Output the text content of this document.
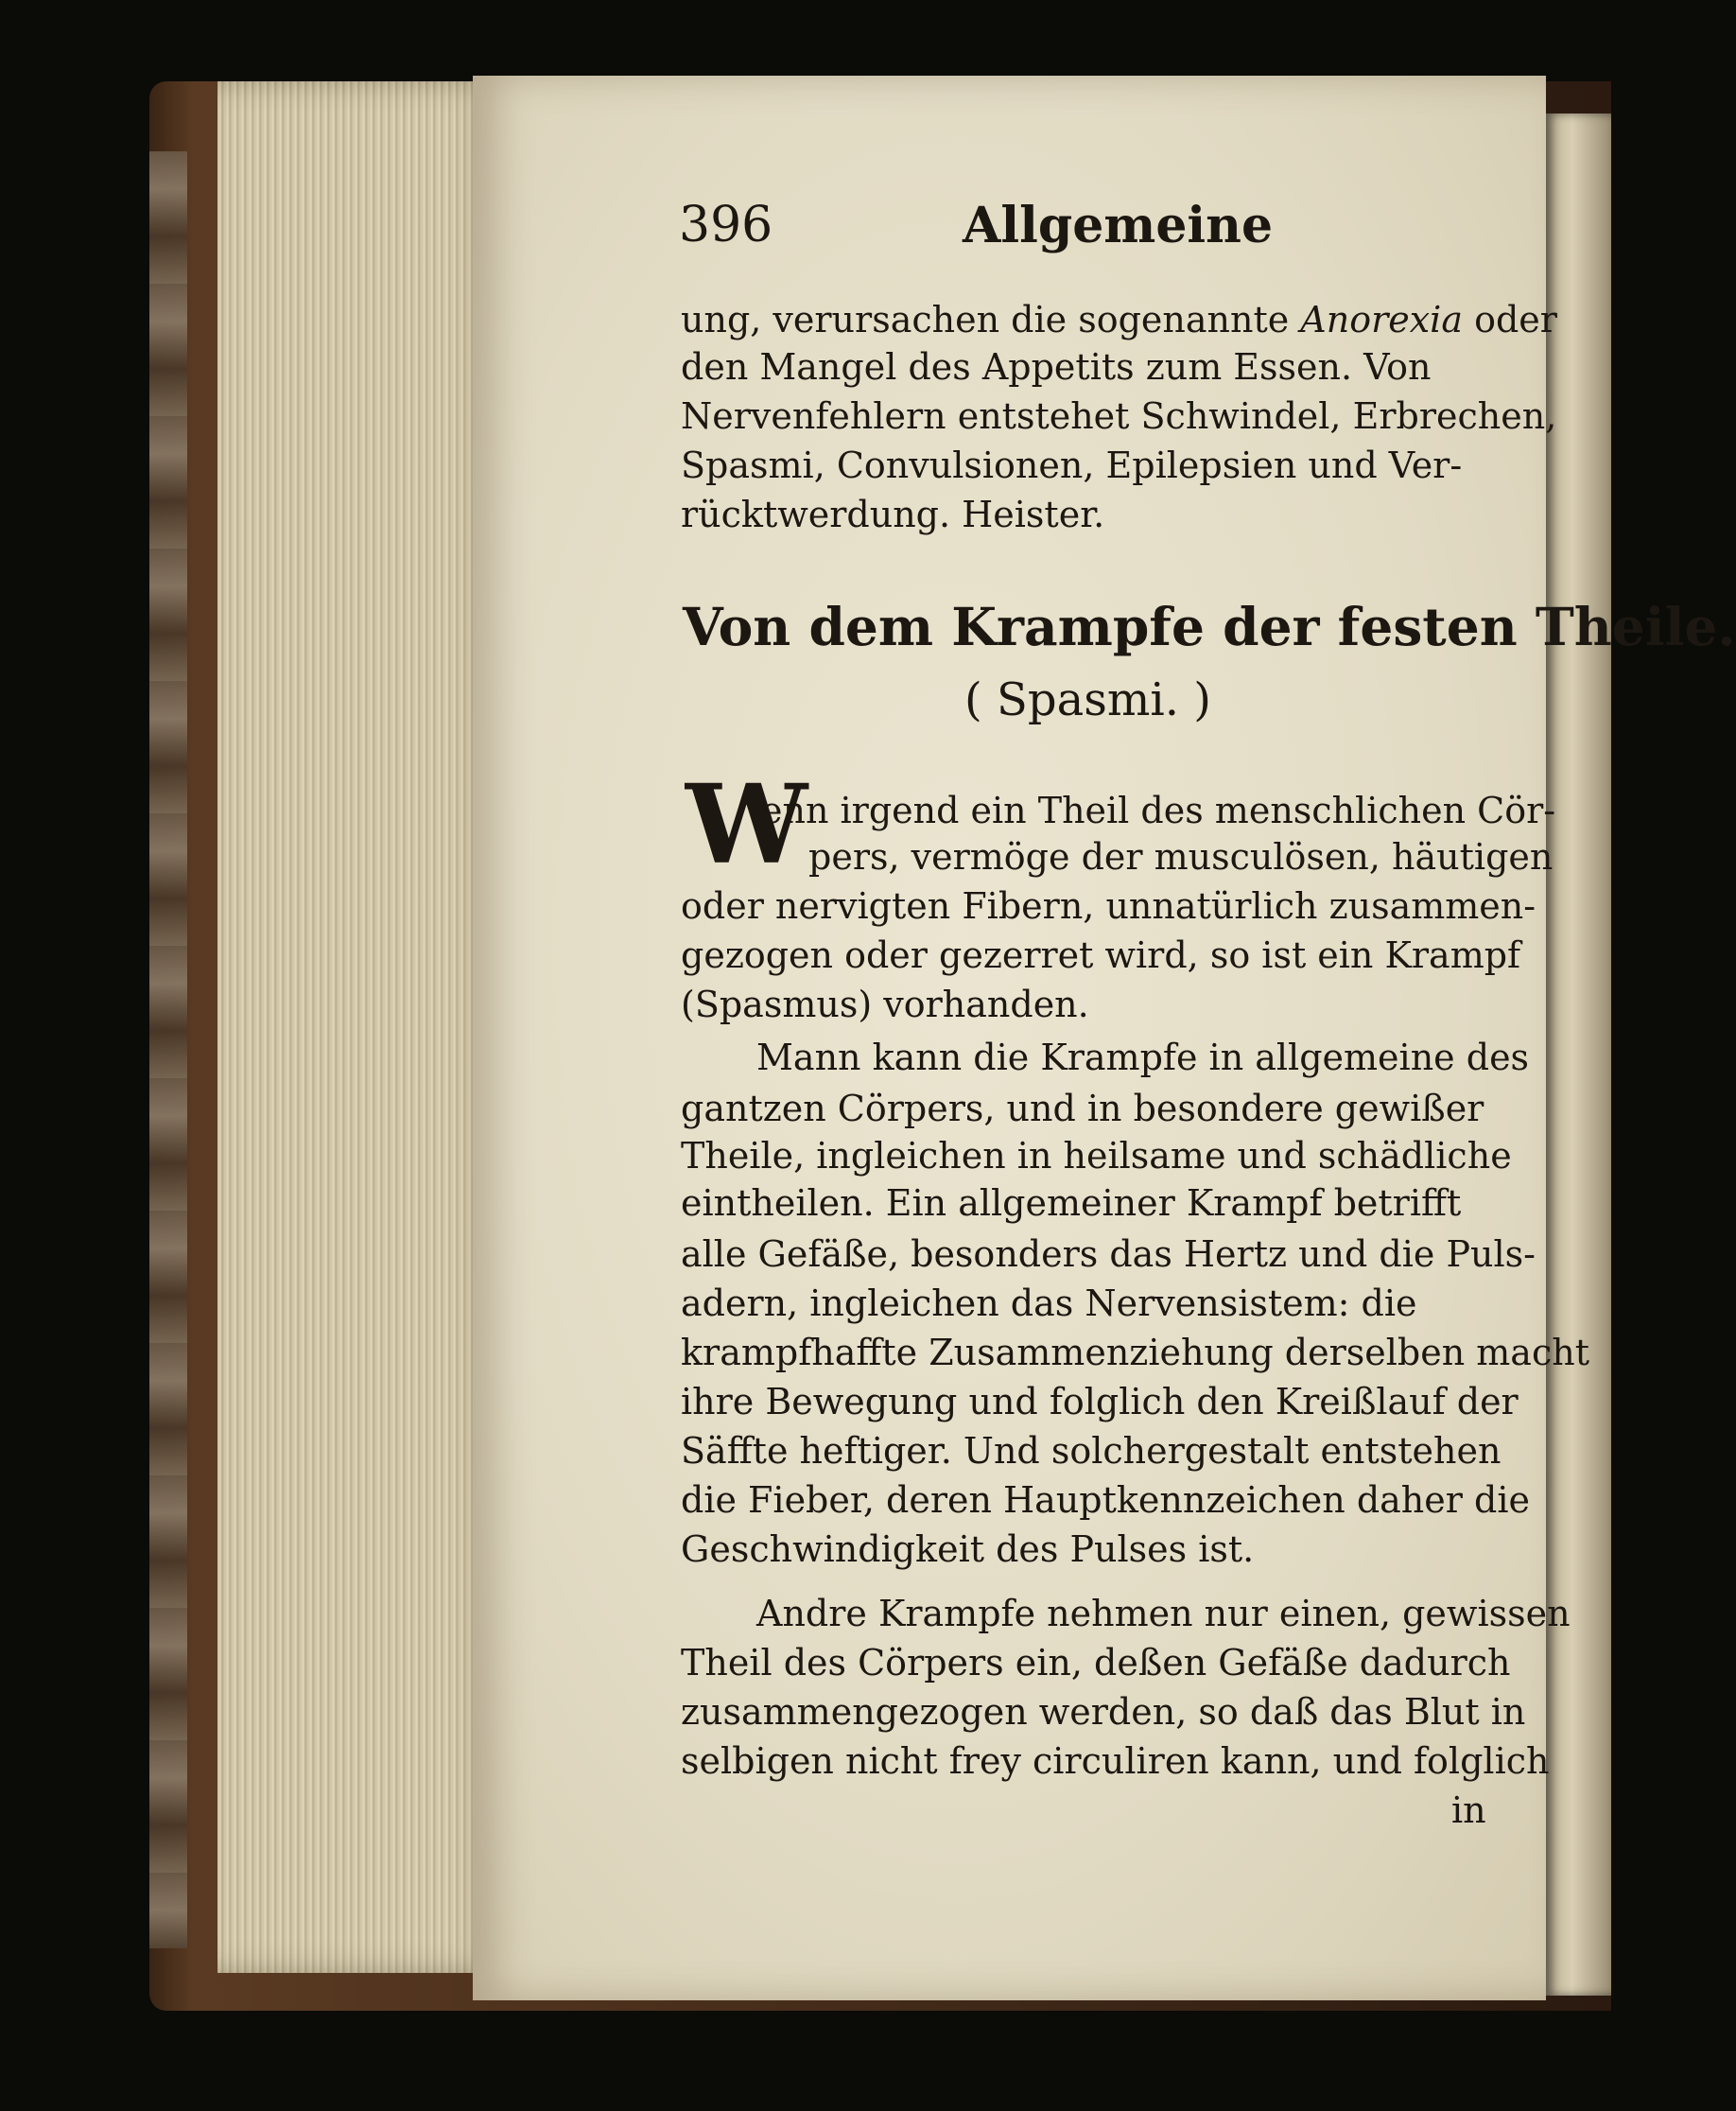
396	Allgemeine
ung, verursachen die sogenannte Anorexia oder
den Mangel des Appetits zum Essen. Von
Nervenfehlern entstehet Schwindel, Erbrechen,
Spasmi, Convulsionen, Epilepsien und Ver-
rücktwerdung. Heister.
Von dem Krampfe der festen Theile.
( Spasmi. )
W
enn irgend ein Theil des menschlichen Cör-
pers, vermöge der musculösen, häutigen
oder nervigten Fibern, unnatürlich zusammen-
gezogen oder gezerret wird, so ist ein Krampf
(Spasmus) vorhanden.
Mann kann die Krampfe in allgemeine des
gantzen Cörpers, und in besondere gewißer
Theile, ingleichen in heilsame und schädliche
eintheilen. Ein allgemeiner Krampf betrifft
alle Gefäße, besonders das Hertz und die Puls-
adern, ingleichen das Nervensistem: die
krampfhaffte Zusammenziehung derselben macht
ihre Bewegung und folglich den Kreißlauf der
Säffte heftiger. Und solchergestalt entstehen
die Fieber, deren Hauptkennzeichen daher die
Geschwindigkeit des Pulses ist.
Andre Krampfe nehmen nur einen, gewissen
Theil des Cörpers ein, deßen Gefäße dadurch
zusammengezogen werden, so daß das Blut in
selbigen nicht frey circuliren kann, und folglich
in
